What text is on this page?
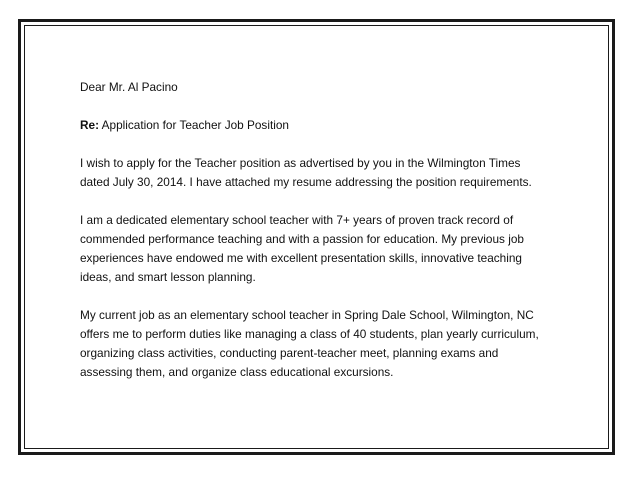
Dear Mr. Al Pacino

Re: Application for Teacher Job Position

I wish to apply for the Teacher position as advertised by you in the Wilmington Times
dated July 30, 2014. I have attached my resume addressing the position requirements.

I am a dedicated elementary school teacher with 7+ years of proven track record of
commended performance teaching and with a passion for education. My previous job
experiences have endowed me with excellent presentation skills, innovative teaching
ideas, and smart lesson planning.

My current job as an elementary school teacher in Spring Dale School, Wilmington, NC
offers me to perform duties like managing a class of 40 students, plan yearly curriculum,
organizing class activities, conducting parent-teacher meet, planning exams and
assessing them, and organize class educational excursions.
